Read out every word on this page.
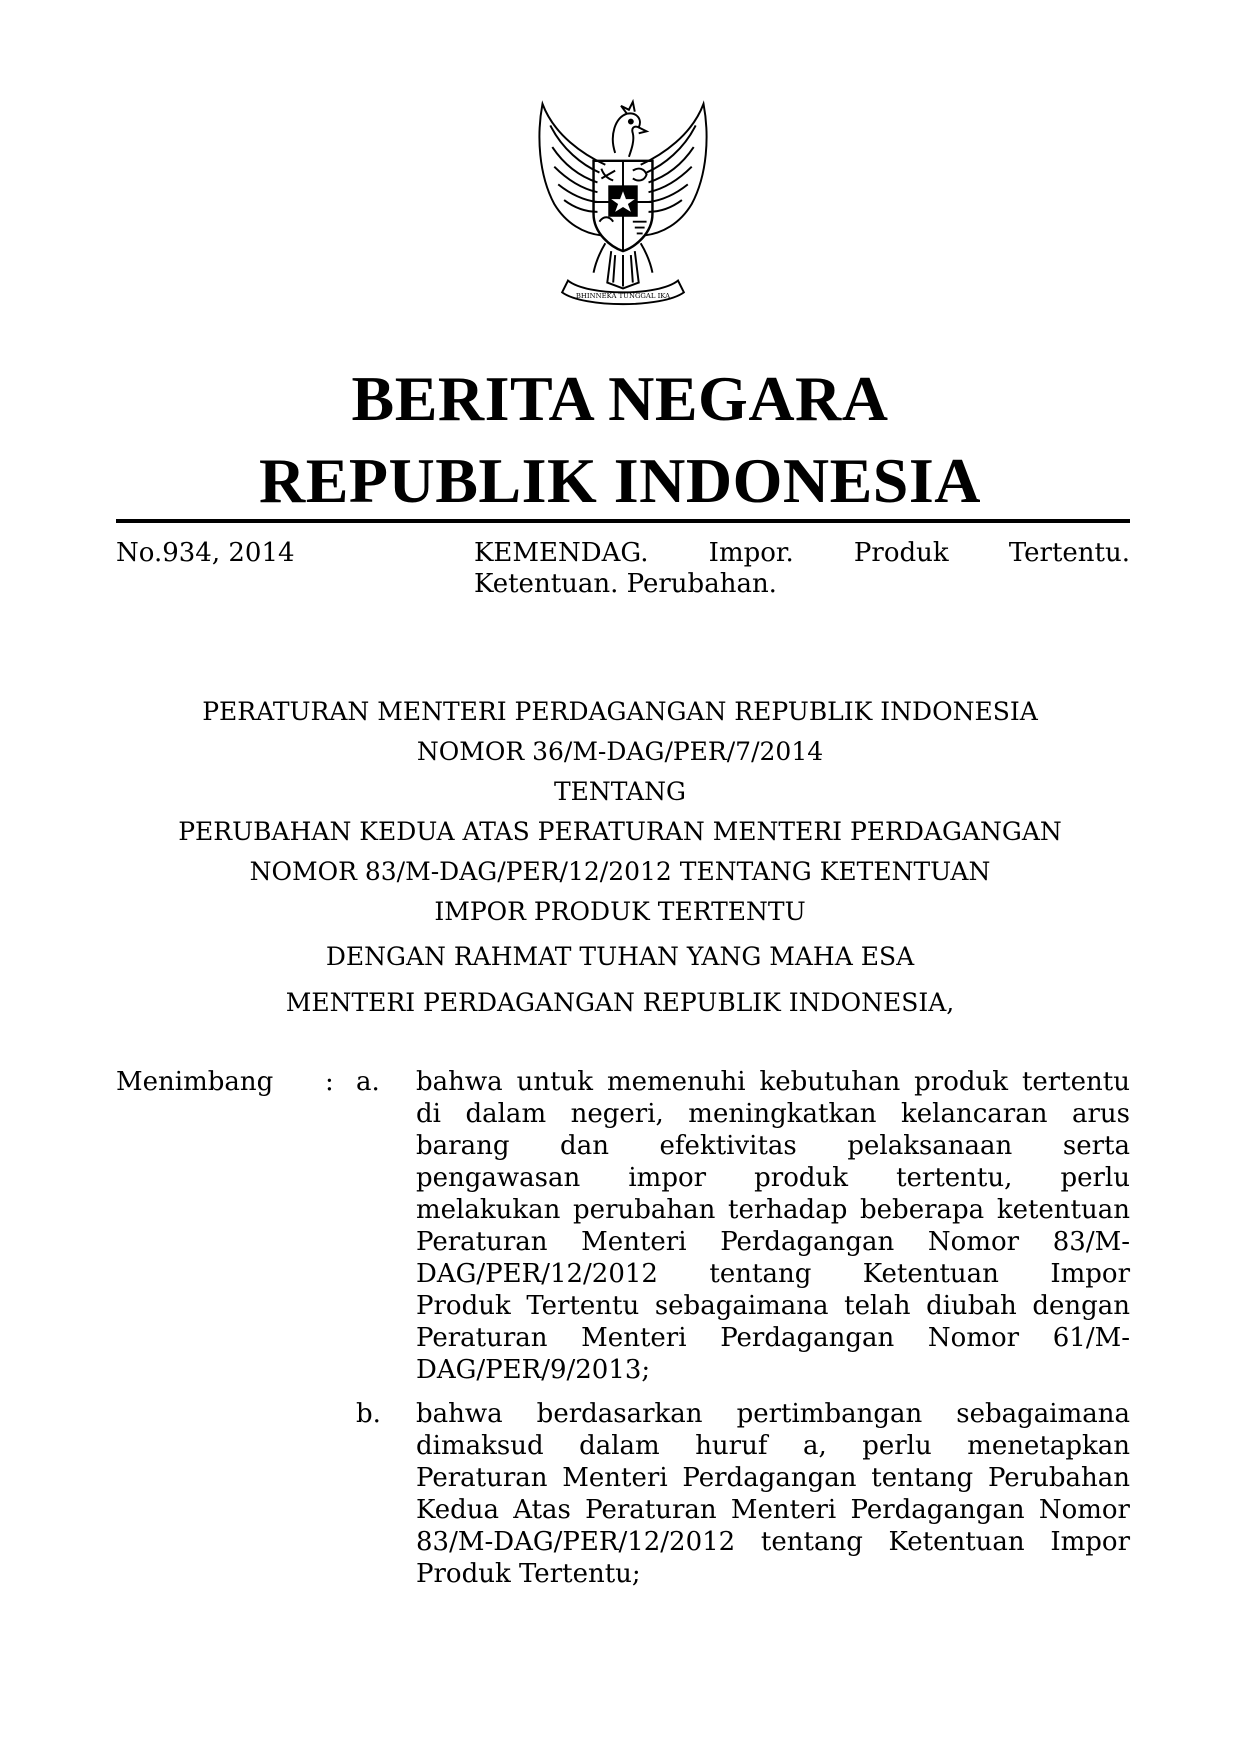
BHINNEKA TUNGGAL IKA
BERITA NEGARA
REPUBLIK INDONESIA
No.934, 2014	KEMENDAG. Impor. Produk Tertentu.
Ketentuan. Perubahan.
PERATURAN MENTERI PERDAGANGAN REPUBLIK INDONESIA
NOMOR 36/M-DAG/PER/7/2014
TENTANG
PERUBAHAN KEDUA ATAS PERATURAN MENTERI PERDAGANGAN
NOMOR 83/M-DAG/PER/12/2012 TENTANG KETENTUAN
IMPOR PRODUK TERTENTU
DENGAN RAHMAT TUHAN YANG MAHA ESA
MENTERI PERDAGANGAN REPUBLIK INDONESIA,
Menimbang : a. bahwa untuk memenuhi kebutuhan produk tertentu
di dalam negeri, meningkatkan kelancaran arus
barang dan efektivitas pelaksanaan serta
pengawasan impor produk tertentu, perlu
melakukan perubahan terhadap beberapa ketentuan
Peraturan Menteri Perdagangan Nomor 83/M-
DAG/PER/12/2012 tentang Ketentuan Impor
Produk Tertentu sebagaimana telah diubah dengan
Peraturan Menteri Perdagangan Nomor 61/M-
DAG/PER/9/2013;
b. bahwa berdasarkan pertimbangan sebagaimana
dimaksud dalam huruf a, perlu menetapkan
Peraturan Menteri Perdagangan tentang Perubahan
Kedua Atas Peraturan Menteri Perdagangan Nomor
83/M-DAG/PER/12/2012 tentang Ketentuan Impor
Produk Tertentu;
